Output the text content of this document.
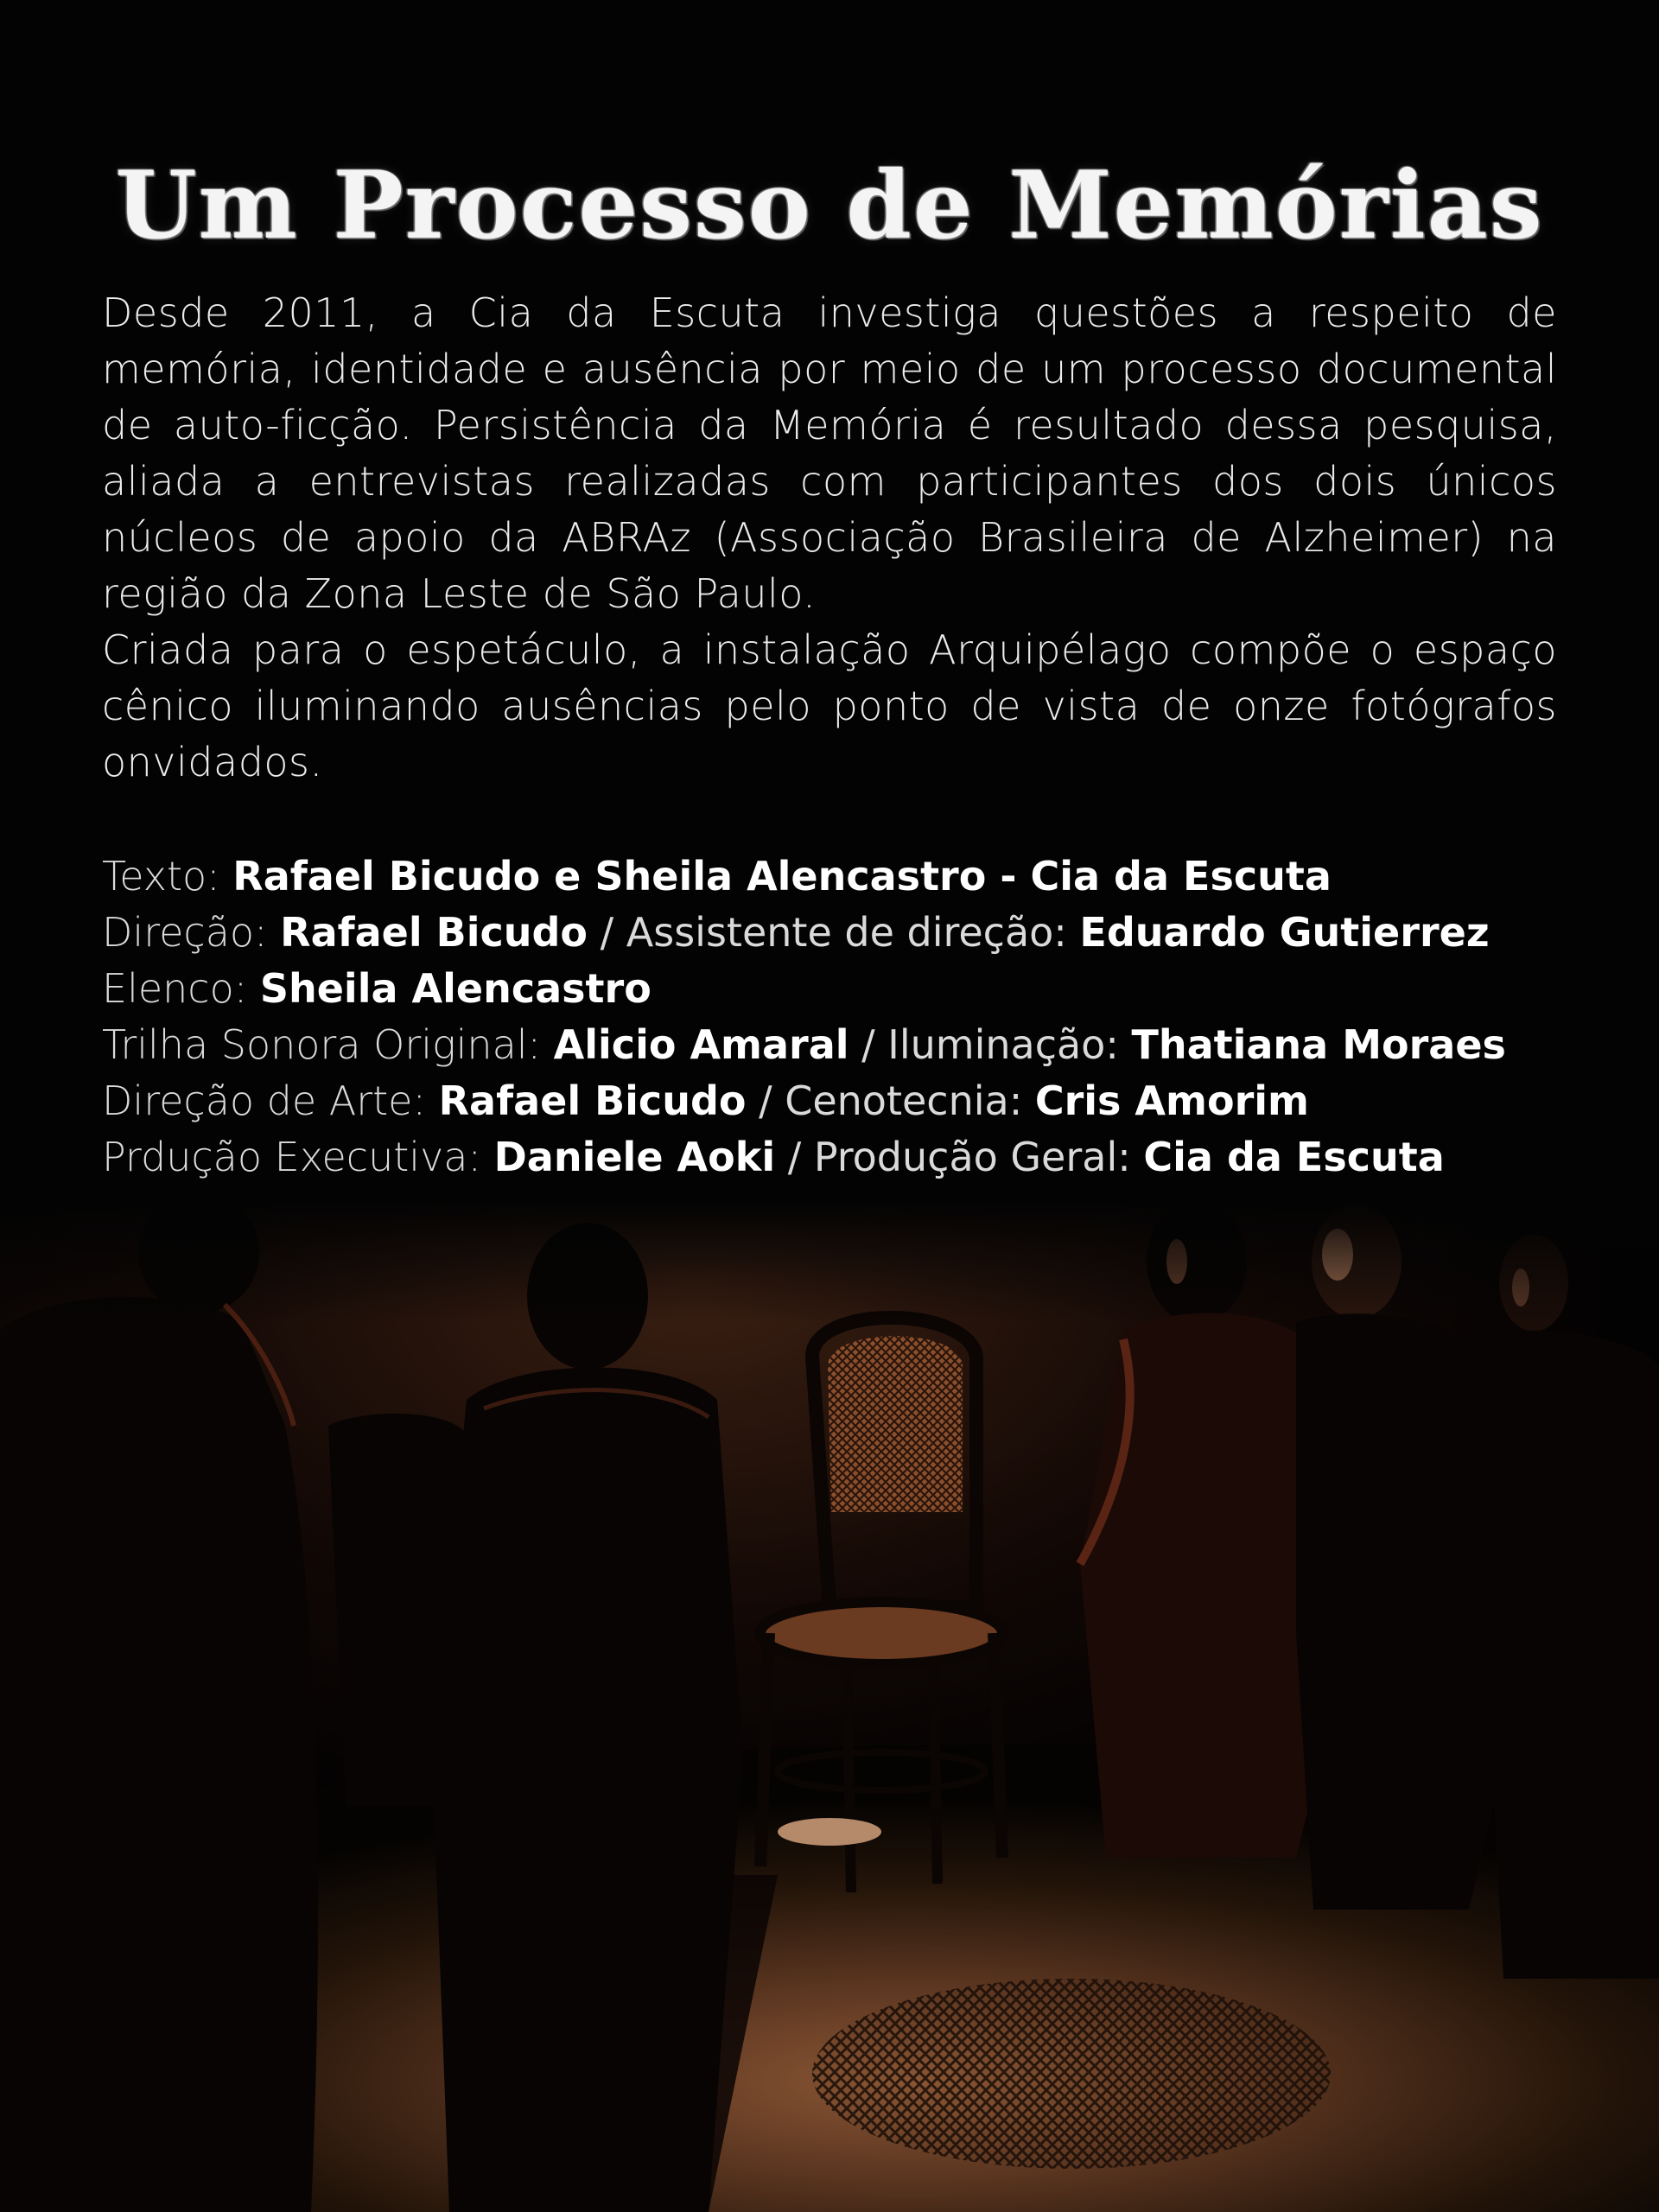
Um Processo de Memórias

Desde 2011, a Cia da Escuta investiga questões a respeito de memória, identidade e ausência por meio de um processo documental de auto-ficção. Persistência da Memória é resultado dessa pesquisa, aliada a entrevistas realizadas com participantes dos dois únicos núcleos de apoio da ABRAz (Associação Brasileira de Alzheimer) na região da Zona Leste de São Paulo.

Criada para o espetáculo, a instalação Arquipélago compõe o espaço cênico iluminando ausências pelo ponto de vista de onze fotógrafos onvidados.

Texto: Rafael Bicudo e Sheila Alencastro - Cia da Escuta
Direção: Rafael Bicudo / Assistente de direção: Eduardo Gutierrez
Elenco: Sheila Alencastro
Trilha Sonora Original: Alicio Amaral / Iluminação: Thatiana Moraes
Direção de Arte: Rafael Bicudo / Cenotecnia: Cris Amorim
Prdução Executiva: Daniele Aoki / Produção Geral: Cia da Escuta
